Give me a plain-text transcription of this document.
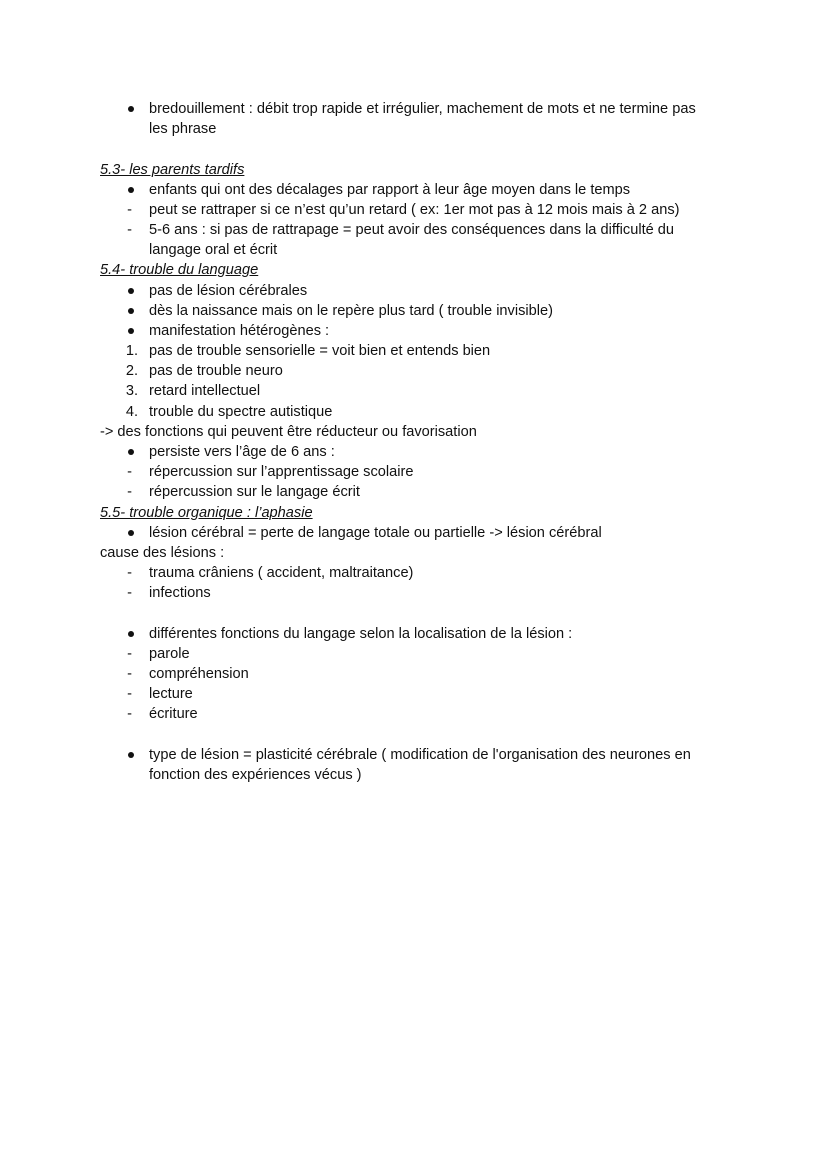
bredouillement : débit trop rapide et irrégulier, machement de mots et ne termine pas
les phrase
5.3- les parents tardifs
enfants qui ont des décalages par rapport à leur âge moyen dans le temps
- peut se rattraper si ce n’est qu’un retard ( ex: 1er mot pas à 12 mois mais à 2 ans)
- 5-6 ans : si pas de rattrapage = peut avoir des conséquences dans la difficulté du
langage oral et écrit
5.4- trouble du language
pas de lésion cérébrales
dès la naissance mais on le repère plus tard ( trouble invisible)
manifestation hétérogènes :
1. pas de trouble sensorielle = voit bien et entends bien
2. pas de trouble neuro
3. retard intellectuel
4. trouble du spectre autistique
-> des fonctions qui peuvent être réducteur ou favorisation
persiste vers l’âge de 6 ans :
- répercussion sur l’apprentissage scolaire
- répercussion sur le langage écrit
5.5- trouble organique : l’aphasie
lésion cérébral = perte de langage totale ou partielle -> lésion cérébral
cause des lésions :
- trauma crâniens ( accident, maltraitance)
- infections
différentes fonctions du langage selon la localisation de la lésion :
- parole
- compréhension
- lecture
- écriture
type de lésion = plasticité cérébrale ( modification de l'organisation des neurones en
fonction des expériences vécus )
